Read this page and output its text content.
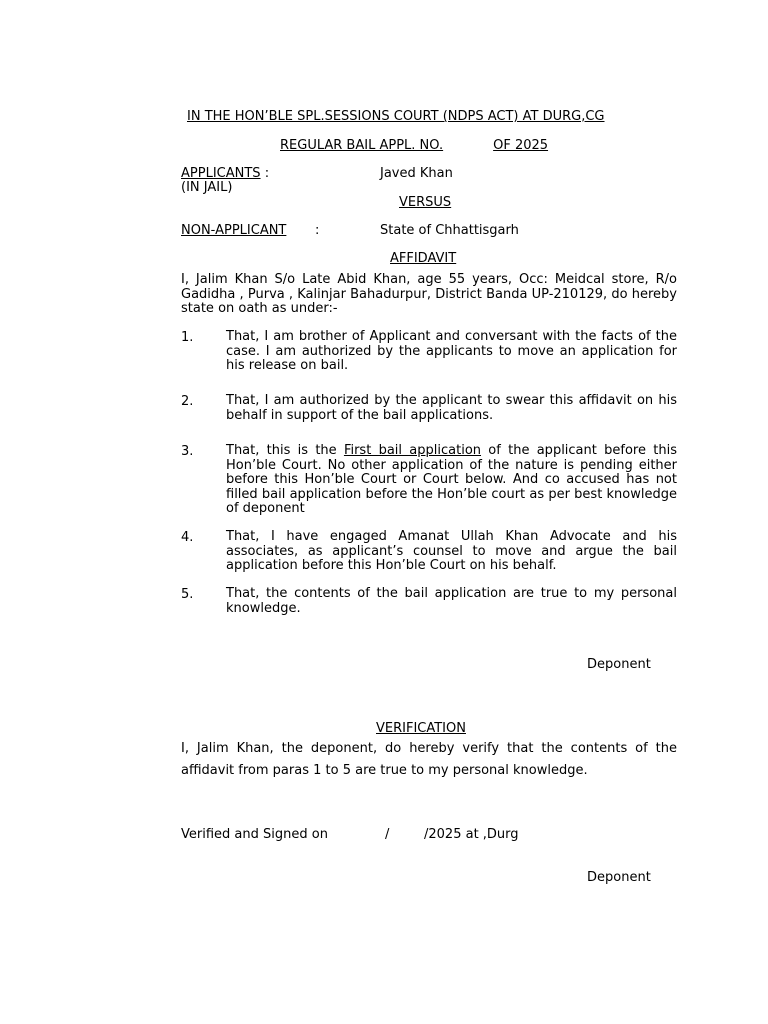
IN THE HON’BLE SPL.SESSIONS COURT (NDPS ACT) AT DURG,CG
REGULAR BAIL APPL. NO.	OF 2025
APPLICANTS :
(IN JAIL)
Javed Khan
VERSUS
NON-APPLICANT :	State of Chhattisgarh
AFFIDAVIT
I, Jalim Khan S/o Late Abid Khan, age 55 years, Occ: Meidcal store, R/o Gadidha , Purva , Kalinjar Bahadurpur, District Banda UP-210129, do hereby state on oath as under:-
1.	That, I am brother of Applicant and conversant with the facts of the case. I am authorized by the applicants to move an application for his release on bail.
2.	That, I am authorized by the applicant to swear this affidavit on his behalf in support of the bail applications.
3.	That, this is the First bail application of the applicant before this Hon’ble Court. No other application of the nature is pending either before this Hon’ble Court or Court below. And co accused has not filled bail application before the Hon’ble court as per best knowledge of deponent
4.	That, I have engaged Amanat Ullah Khan Advocate and his associates, as applicant’s counsel to move and argue the bail application before this Hon’ble Court on his behalf.
5.	That, the contents of the bail application are true to my personal knowledge.
Deponent
VERIFICATION
I, Jalim Khan, the deponent, do hereby verify that the contents of the affidavit from paras 1 to 5 are true to my personal knowledge.
Verified and Signed on	/	/2025 at ,Durg
Deponent
